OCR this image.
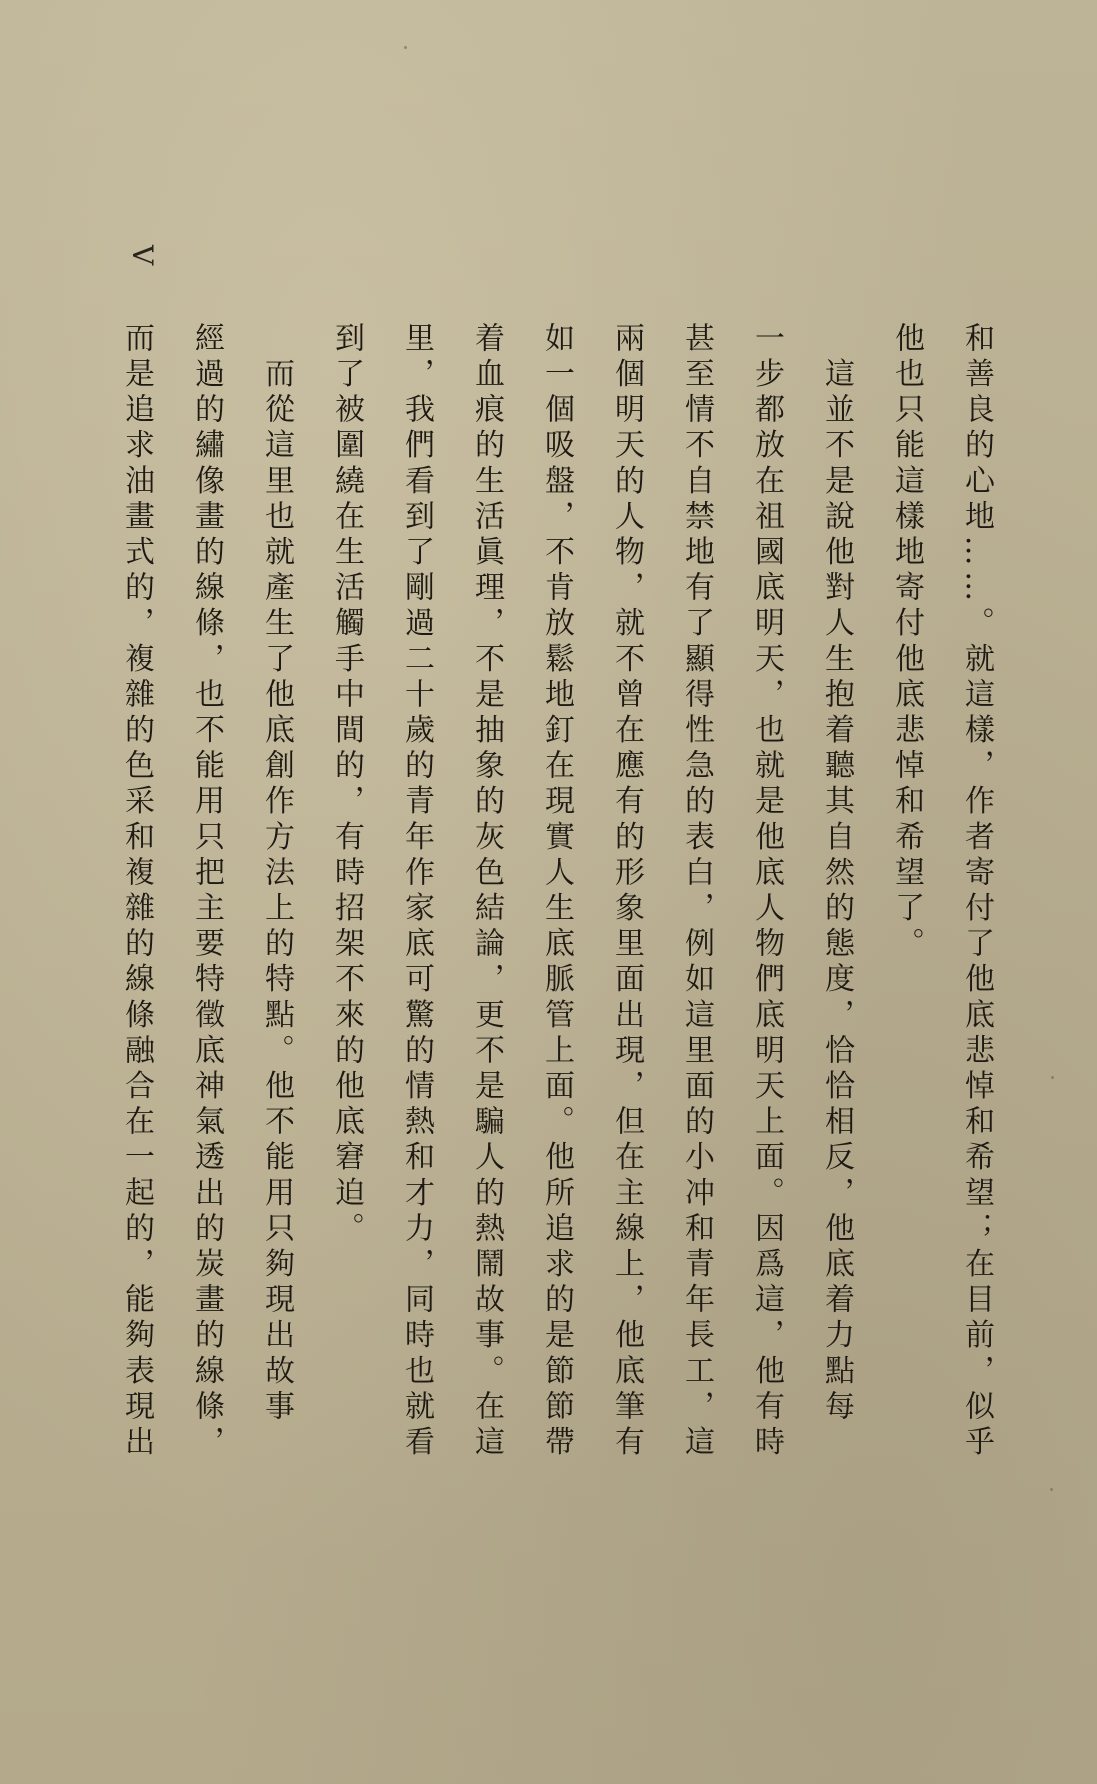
V
和善良的心地……。就這樣，作者寄付了他底悲悼和希望；在目前，似乎
他也只能這樣地寄付他底悲悼和希望了。
　這並不是說他對人生抱着聽其自然的態度，恰恰相反，他底着力點每
一步都放在祖國底明天，也就是他底人物們底明天上面。因爲這，他有時
甚至情不自禁地有了顯得性急的表白，例如這里面的小冲和青年長工，這
兩個明天的人物，就不曾在應有的形象里面出現，但在主線上，他底筆有
如一個吸盤，不肯放鬆地釘在現實人生底脈管上面。他所追求的是節節帶
着血痕的生活眞理，不是抽象的灰色結論，更不是騙人的熱鬧故事。在這
里，我們看到了剛過二十歲的青年作家底可驚的情熱和才力，同時也就看
到了被圍繞在生活觸手中間的，有時招架不來的他底窘迫。
　而從這里也就產生了他底創作方法上的特點。他不能用只夠現出故事
經過的繡像畫的線條，也不能用只把主要特徵底神氣透出的炭畫的線條，
而是追求油畫式的，複雜的色采和複雜的線條融合在一起的，能夠表現出
